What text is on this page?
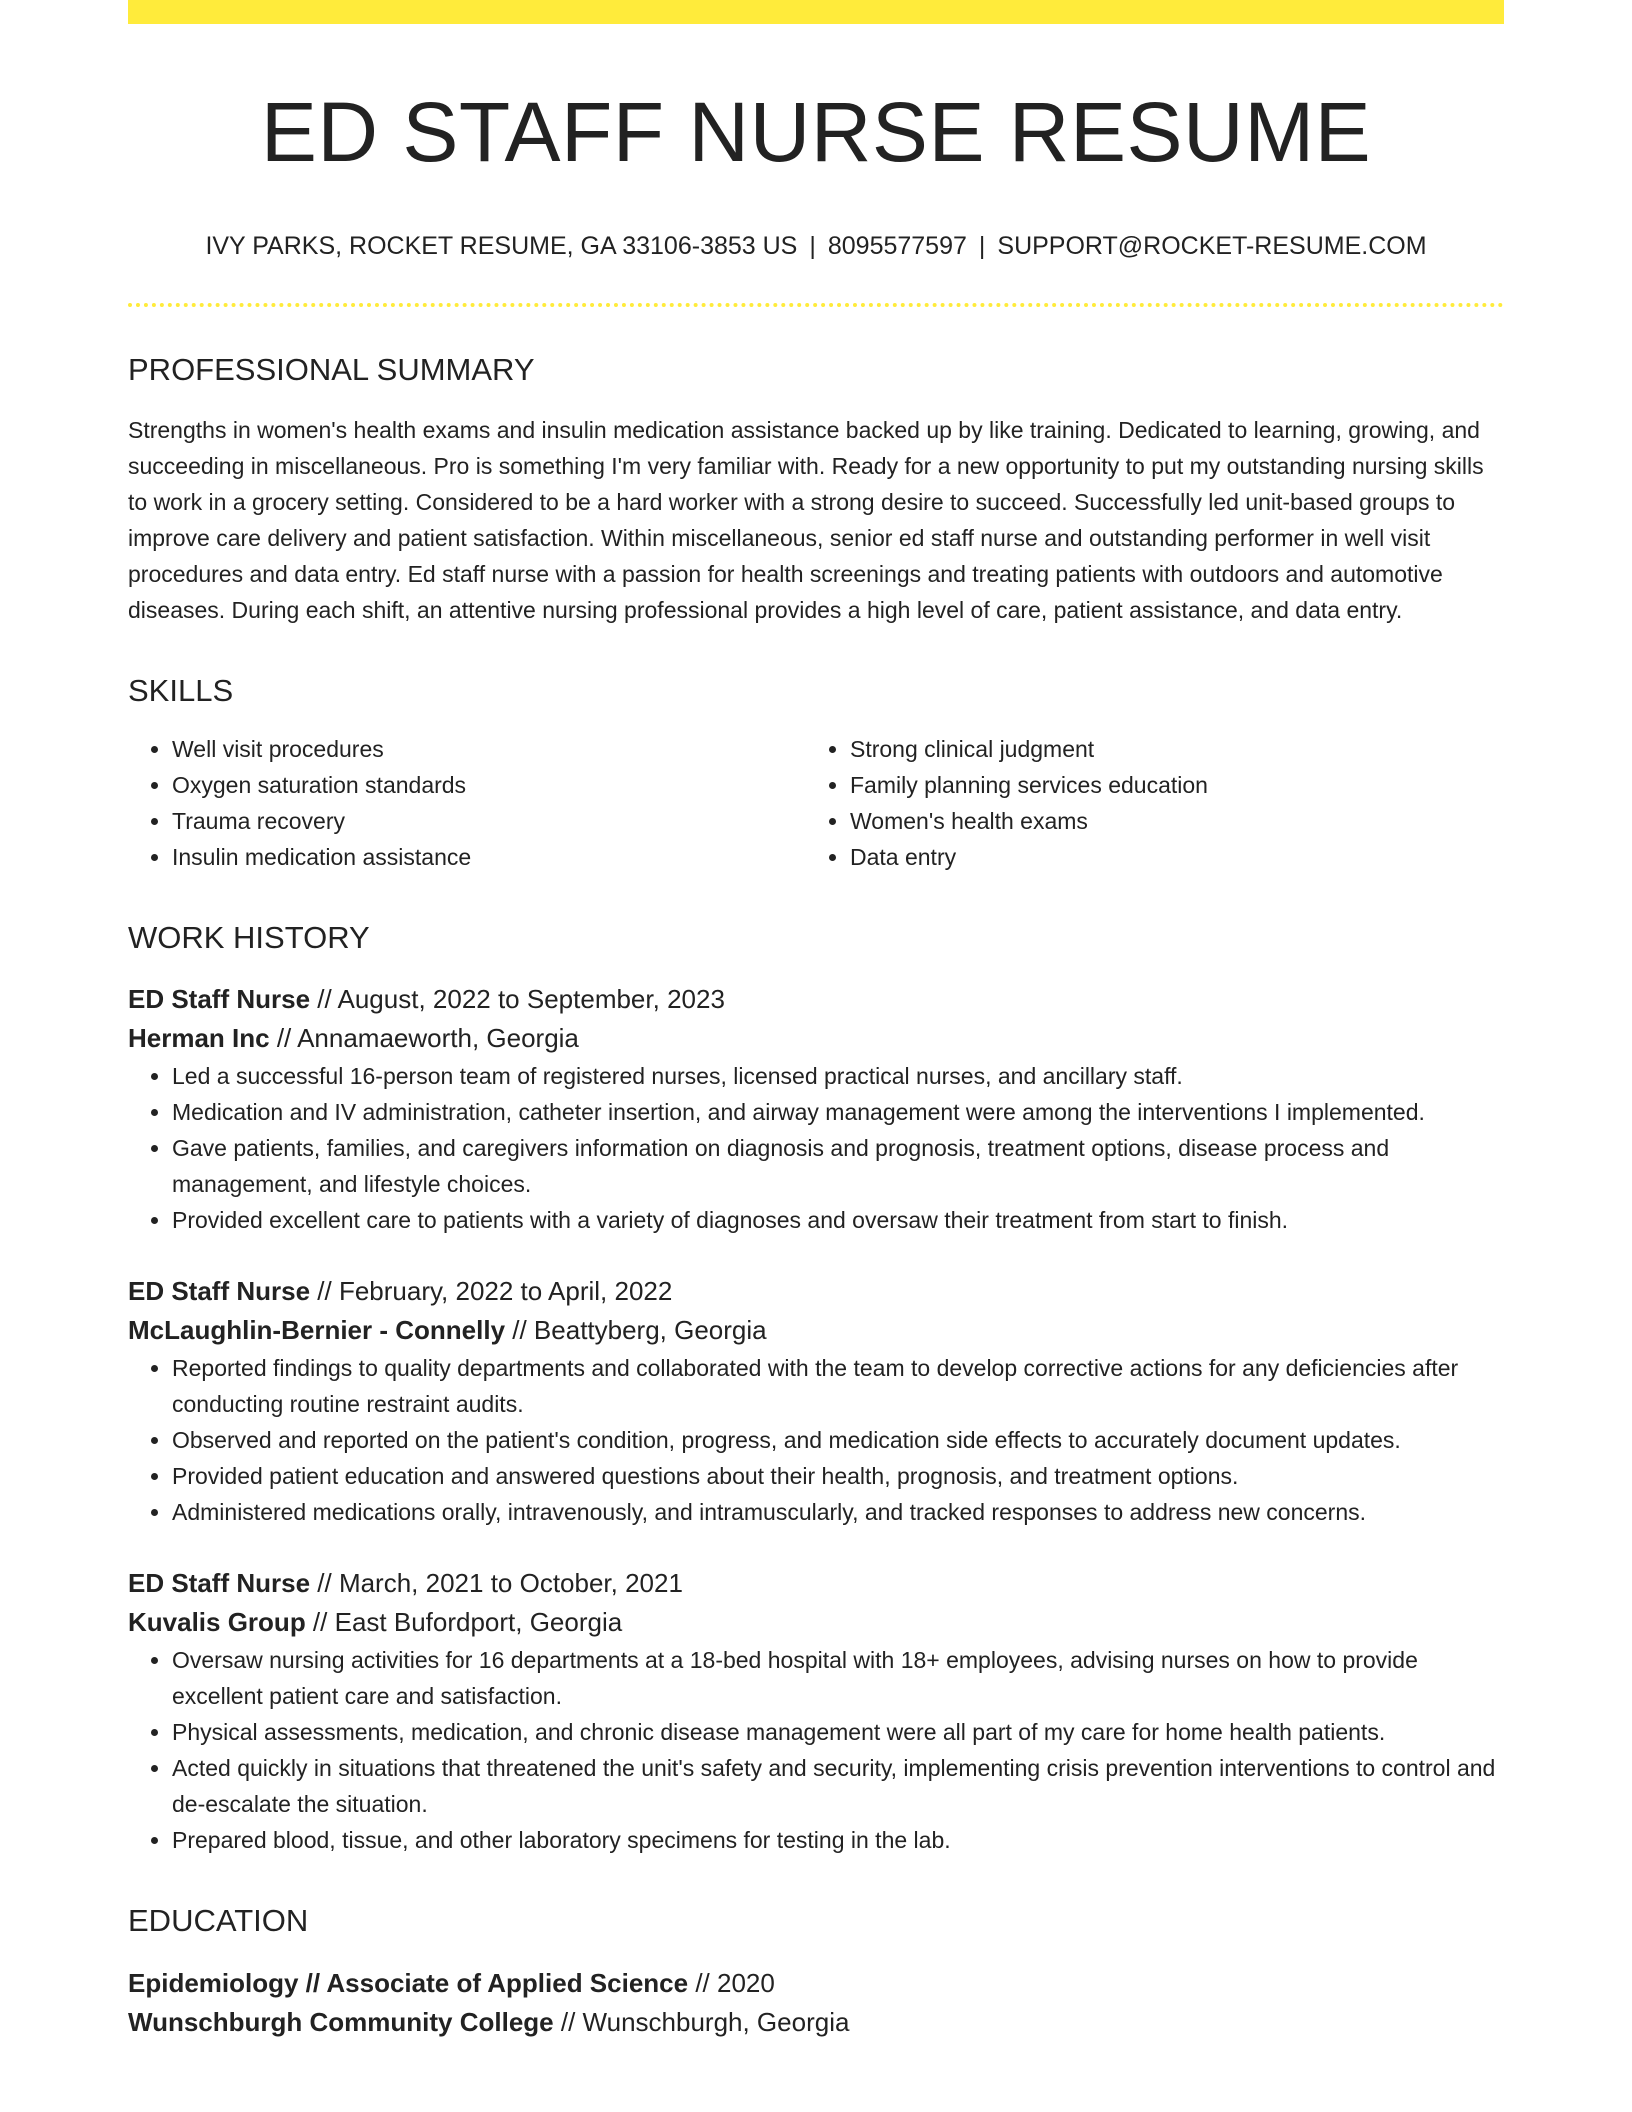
ED STAFF NURSE RESUME
IVY PARKS, ROCKET RESUME, GA 33106-3853 US | 8095577597 | SUPPORT@ROCKET-RESUME.COM
PROFESSIONAL SUMMARY
Strengths in women's health exams and insulin medication assistance backed up by like training. Dedicated to learning, growing, and succeeding in miscellaneous. Pro is something I'm very familiar with. Ready for a new opportunity to put my outstanding nursing skills to work in a grocery setting. Considered to be a hard worker with a strong desire to succeed. Successfully led unit-based groups to improve care delivery and patient satisfaction. Within miscellaneous, senior ed staff nurse and outstanding performer in well visit procedures and data entry. Ed staff nurse with a passion for health screenings and treating patients with outdoors and automotive diseases. During each shift, an attentive nursing professional provides a high level of care, patient assistance, and data entry.
SKILLS
• Well visit procedures
• Oxygen saturation standards
• Trauma recovery
• Insulin medication assistance
• Strong clinical judgment
• Family planning services education
• Women's health exams
• Data entry
WORK HISTORY
ED Staff Nurse // August, 2022 to September, 2023
Herman Inc // Annamaeworth, Georgia
• Led a successful 16-person team of registered nurses, licensed practical nurses, and ancillary staff.
• Medication and IV administration, catheter insertion, and airway management were among the interventions I implemented.
• Gave patients, families, and caregivers information on diagnosis and prognosis, treatment options, disease process and management, and lifestyle choices.
• Provided excellent care to patients with a variety of diagnoses and oversaw their treatment from start to finish.
ED Staff Nurse // February, 2022 to April, 2022
McLaughlin-Bernier - Connelly // Beattyberg, Georgia
• Reported findings to quality departments and collaborated with the team to develop corrective actions for any deficiencies after conducting routine restraint audits.
• Observed and reported on the patient's condition, progress, and medication side effects to accurately document updates.
• Provided patient education and answered questions about their health, prognosis, and treatment options.
• Administered medications orally, intravenously, and intramuscularly, and tracked responses to address new concerns.
ED Staff Nurse // March, 2021 to October, 2021
Kuvalis Group // East Bufordport, Georgia
• Oversaw nursing activities for 16 departments at a 18-bed hospital with 18+ employees, advising nurses on how to provide excellent patient care and satisfaction.
• Physical assessments, medication, and chronic disease management were all part of my care for home health patients.
• Acted quickly in situations that threatened the unit's safety and security, implementing crisis prevention interventions to control and de-escalate the situation.
• Prepared blood, tissue, and other laboratory specimens for testing in the lab.
EDUCATION
Epidemiology // Associate of Applied Science // 2020
Wunschburgh Community College // Wunschburgh, Georgia
